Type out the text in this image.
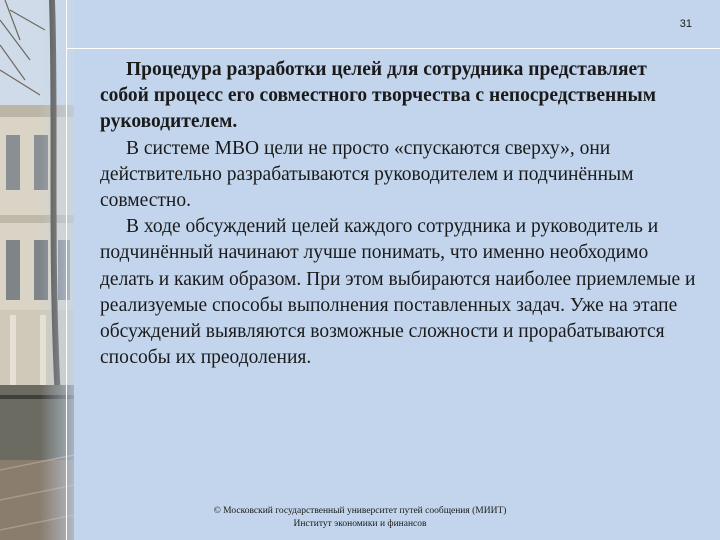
31

Процедура разработки целей для сотрудника представляет собой процесс его совместного творчества с непосредственным руководителем.

В системе МВО цели не просто «спускаются сверху», они действительно разрабатываются руководителем и подчинённым совместно.

В ходе обсуждений целей каждого сотрудника и руководитель и подчинённый начинают лучше понимать, что именно необходимо делать и каким образом. При этом выбираются наиболее приемлемые и реализуемые способы выполнения поставленных задач. Уже на этапе обсуждений выявляются возможные сложности и прорабатываются способы их преодоления.

© Московский государственный университет путей сообщения (МИИТ)
Институт экономики и финансов
